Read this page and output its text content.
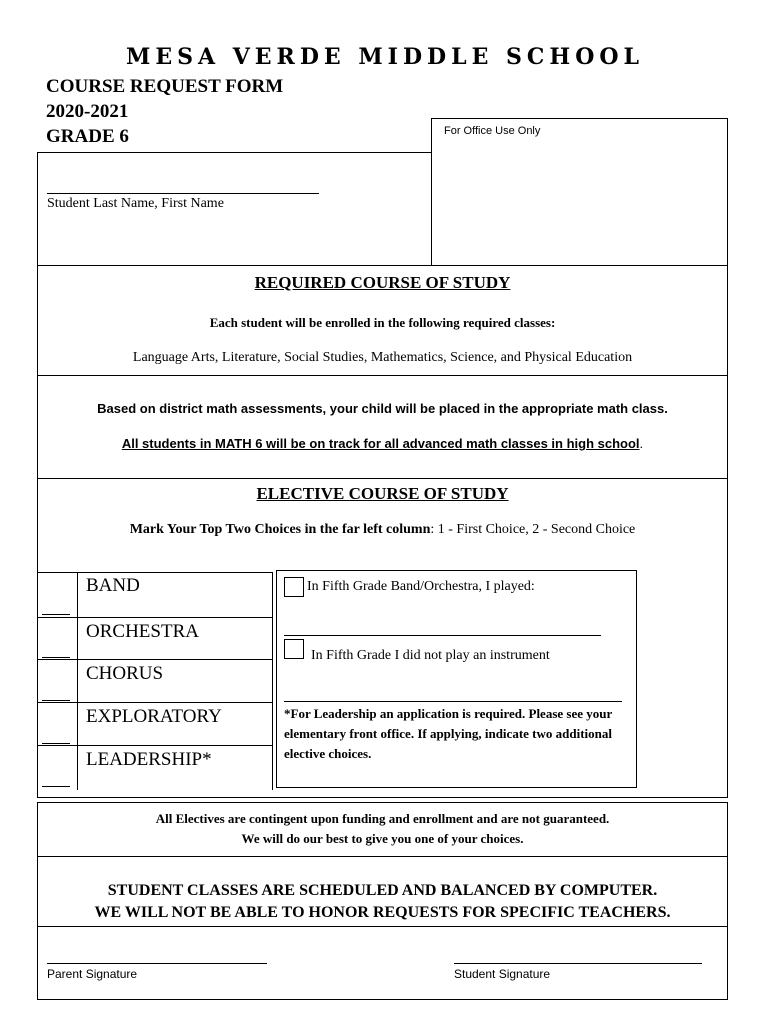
MESA VERDE MIDDLE SCHOOL
COURSE REQUEST FORM
2020-2021
GRADE 6	For Office Use Only
Student Last Name, First Name
REQUIRED COURSE OF STUDY
Each student will be enrolled in the following required classes:
Language Arts, Literature, Social Studies, Mathematics, Science, and Physical Education
Based on district math assessments, your child will be placed in the appropriate math class.
All students in MATH 6 will be on track for all advanced math classes in high school.
ELECTIVE COURSE OF STUDY
Mark Your Top Two Choices in the far left column: 1 - First Choice, 2 - Second Choice
BAND
ORCHESTRA
CHORUS
EXPLORATORY
LEADERSHIP*
In Fifth Grade Band/Orchestra, I played:
In Fifth Grade I did not play an instrument
*For Leadership an application is required. Please see your elementary front office. If applying, indicate two additional elective choices.
All Electives are contingent upon funding and enrollment and are not guaranteed.
We will do our best to give you one of your choices.
STUDENT CLASSES ARE SCHEDULED AND BALANCED BY COMPUTER.
WE WILL NOT BE ABLE TO HONOR REQUESTS FOR SPECIFIC TEACHERS.
Parent Signature	Student Signature
